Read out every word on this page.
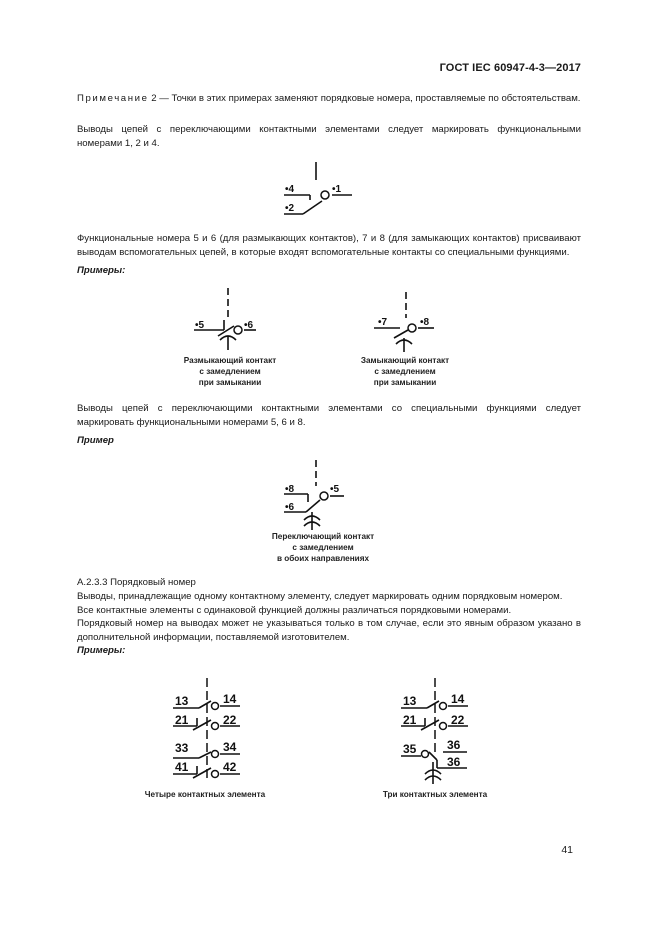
ГОСТ IEC 60947-4-3—2017
Примечание 2 — Точки в этих примерах заменяют порядковые номера, проставляемые по обстоятельствам.
Выводы цепей с переключающими контактными элементами следует маркировать функциональными номерами 1, 2 и 4.
•4	•1
•2
Функциональные номера 5 и 6 (для размыкающих контактов), 7 и 8 (для замыкающих контактов) присваивают выводам вспомогательных цепей, в которые входят вспомогательные контакты со специальными функциями.
Примеры:
•5	•6
Размыкающий контакт
с замедлением
при замыкании
•7	•8
Замыкающий контакт
с замедлением
при замыкании
Выводы цепей с переключающими контактными элементами со специальными функциями следует маркировать функциональными номерами 5, 6 и 8.
Пример
•8	•5
•6
Переключающий контакт
с замедлением
в обоих направлениях
А.2.3.3 Порядковый номер
Выводы, принадлежащие одному контактному элементу, следует маркировать одним порядковым номером.
Все контактные элементы с одинаковой функцией должны различаться порядковыми номерами.
Порядковый номер на выводах может не указываться только в том случае, если это явным образом указано в дополнительной информации, поставляемой изготовителем.
Примеры:
13	14
21	22
33	34
41	42
Четыре контактных элемента
13	14
21	22
35	36
36
Три контактных элемента
41
